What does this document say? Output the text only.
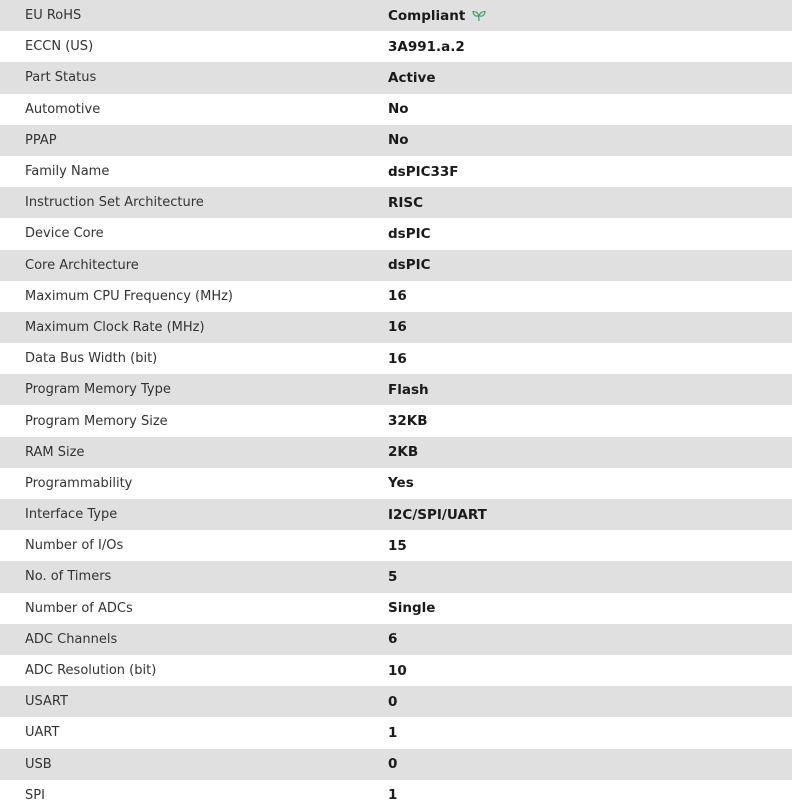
EU RoHS	Compliant
ECCN (US)	3A991.a.2
Part Status	Active
Automotive	No
PPAP	No
Family Name	dsPIC33F
Instruction Set Architecture	RISC
Device Core	dsPIC
Core Architecture	dsPIC
Maximum CPU Frequency (MHz)	16
Maximum Clock Rate (MHz)	16
Data Bus Width (bit)	16
Program Memory Type	Flash
Program Memory Size	32KB
RAM Size	2KB
Programmability	Yes
Interface Type	I2C/SPI/UART
Number of I/Os	15
No. of Timers	5
Number of ADCs	Single
ADC Channels	6
ADC Resolution (bit)	10
USART	0
UART	1
USB	0
SPI	1
